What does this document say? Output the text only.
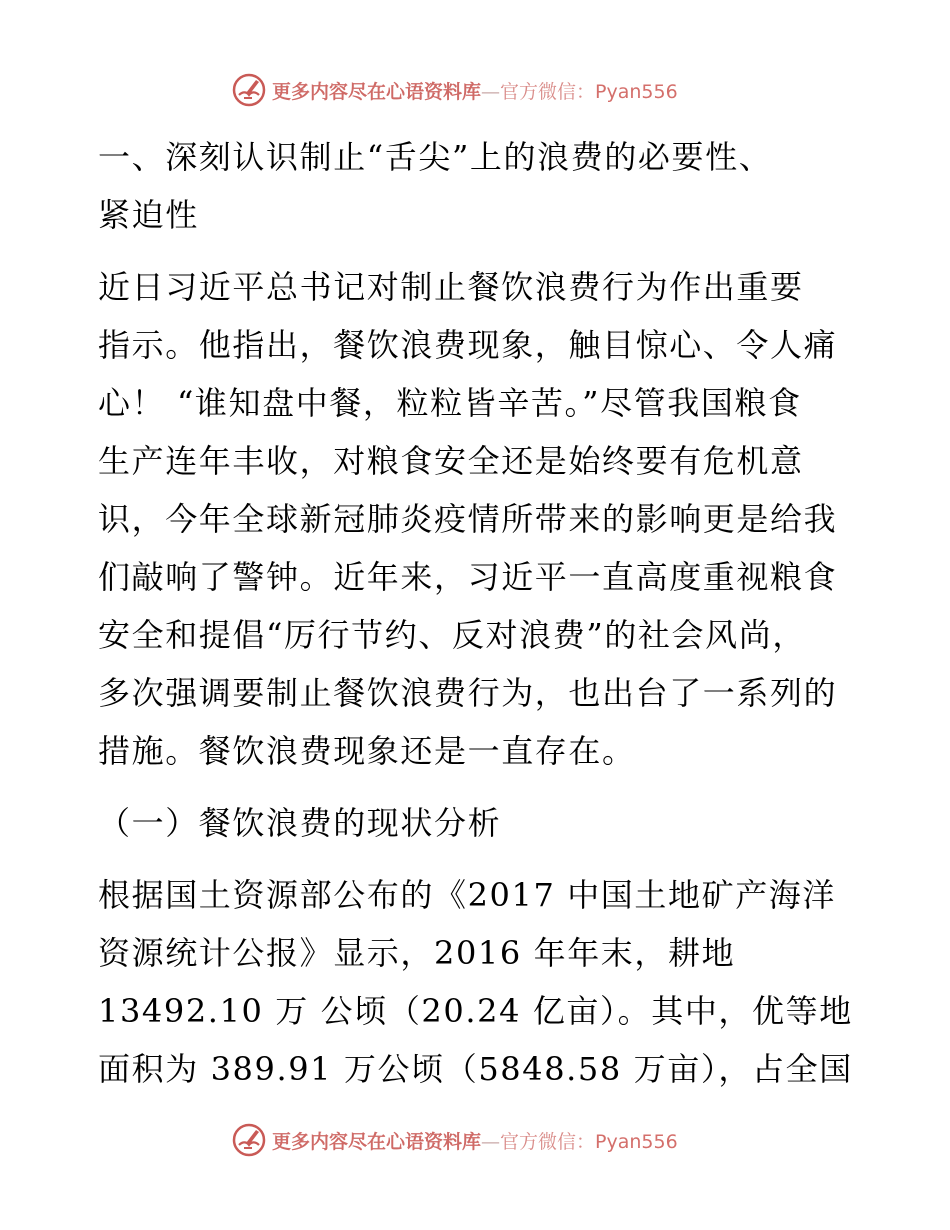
更多内容尽在心语资料库—官方微信：Pyan556
一、深刻认识制止“舌尖”上的浪费的必要性、
紧迫性
近日习近平总书记对制止餐饮浪费行为作出重要
指示。他指出，餐饮浪费现象，触目惊心、令人痛
心！ “谁知盘中餐，粒粒皆辛苦。”尽管我国粮食
生产连年丰收，对粮食安全还是始终要有危机意
识，今年全球新冠肺炎疫情所带来的影响更是给我
们敲响了警钟。近年来，习近平一直高度重视粮食
安全和提倡“厉行节约、反对浪费”的社会风尚，
多次强调要制止餐饮浪费行为，也出台了一系列的
措施。餐饮浪费现象还是一直存在。
（一）餐饮浪费的现状分析
根据国土资源部公布的《2017 中国土地矿产海洋
资源统计公报》显示，2016 年年末，耕地
13492.10 万 公顷（20.24 亿亩）。其中，优等地
面积为 389.91 万公顷（5848.58 万亩），占全国
更多内容尽在心语资料库—官方微信：Pyan556
